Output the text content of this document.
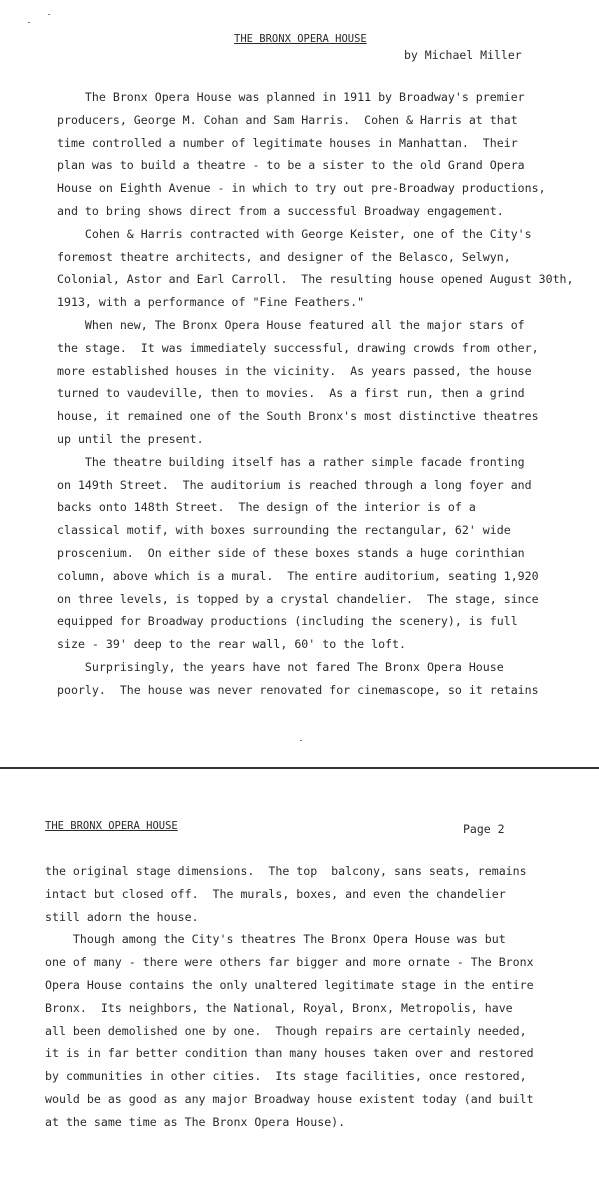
THE BRONX OPERA HOUSE
by Michael Miller
The Bronx Opera House was planned in 1911 by Broadway's premier
producers, George M. Cohan and Sam Harris.  Cohen & Harris at that
time controlled a number of legitimate houses in Manhattan.  Their
plan was to build a theatre - to be a sister to the old Grand Opera
House on Eighth Avenue - in which to try out pre-Broadway productions,
and to bring shows direct from a successful Broadway engagement.
Cohen & Harris contracted with George Keister, one of the City's
foremost theatre architects, and designer of the Belasco, Selwyn,
Colonial, Astor and Earl Carroll.  The resulting house opened August 30th,
1913, with a performance of "Fine Feathers."
When new, The Bronx Opera House featured all the major stars of
the stage.  It was immediately successful, drawing crowds from other,
more established houses in the vicinity.  As years passed, the house
turned to vaudeville, then to movies.  As a first run, then a grind
house, it remained one of the South Bronx's most distinctive theatres
up until the present.
The theatre building itself has a rather simple facade fronting
on 149th Street.  The auditorium is reached through a long foyer and
backs onto 148th Street.  The design of the interior is of a
classical motif, with boxes surrounding the rectangular, 62' wide
proscenium.  On either side of these boxes stands a huge corinthian
column, above which is a mural.  The entire auditorium, seating 1,920
on three levels, is topped by a crystal chandelier.  The stage, since
equipped for Broadway productions (including the scenery), is full
size - 39' deep to the rear wall, 60' to the loft.
Surprisingly, the years have not fared The Bronx Opera House
poorly.  The house was never renovated for cinemascope, so it retains
THE BRONX OPERA HOUSE	Page 2
the original stage dimensions.  The top  balcony, sans seats, remains
intact but closed off.  The murals, boxes, and even the chandelier
still adorn the house.
Though among the City's theatres The Bronx Opera House was but
one of many - there were others far bigger and more ornate - The Bronx
Opera House contains the only unaltered legitimate stage in the entire
Bronx.  Its neighbors, the National, Royal, Bronx, Metropolis, have
all been demolished one by one.  Though repairs are certainly needed,
it is in far better condition than many houses taken over and restored
by communities in other cities.  Its stage facilities, once restored,
would be as good as any major Broadway house existent today (and built
at the same time as The Bronx Opera House).
